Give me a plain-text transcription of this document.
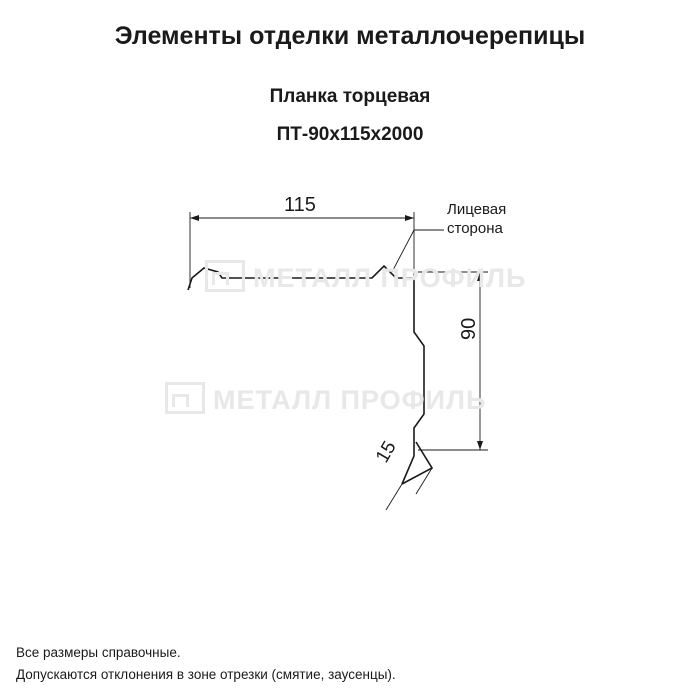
Элементы отделки металлочерепицы
Планка торцевая
ПТ-90х115х2000
МЕТАЛЛ ПРОФИЛЬ
МЕТАЛЛ ПРОФИЛЬ
Лицевая
сторона
115
90
15
Все размеры справочные.
Допускаются отклонения в зоне отрезки (смятие, заусенцы).
